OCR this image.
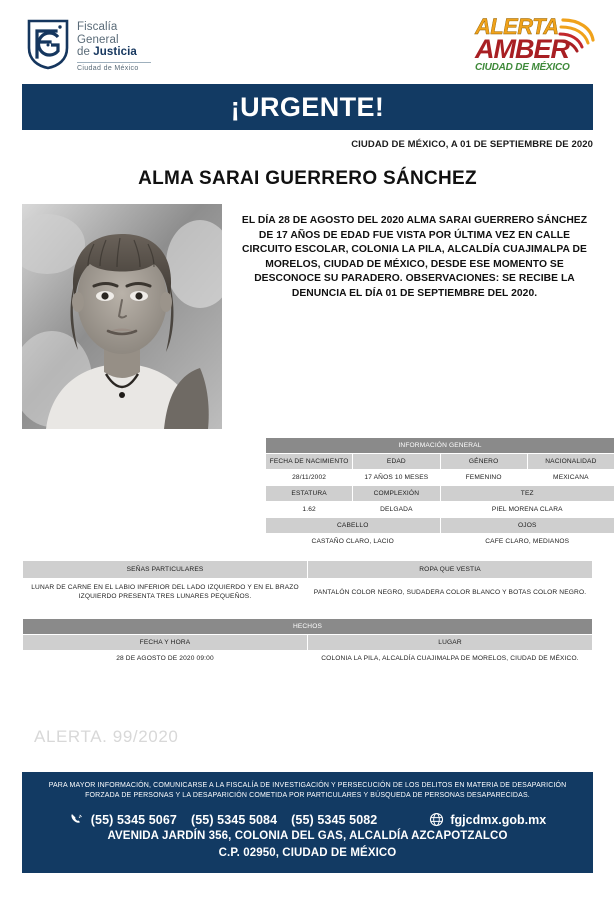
Fiscalía
General
de Justicia
Ciudad de México
ALERTA
AMBER
CIUDAD DE MÉXICO
¡URGENTE!
CIUDAD DE MÉXICO, A 01 DE SEPTIEMBRE DE 2020
ALMA SARAI GUERRERO SÁNCHEZ
EL DÍA 28 DE AGOSTO DEL 2020 ALMA SARAI GUERRERO SÁNCHEZ DE 17 AÑOS DE EDAD FUE VISTA POR ÚLTIMA VEZ EN CALLE CIRCUITO ESCOLAR, COLONIA LA PILA, ALCALDÍA CUAJIMALPA DE MORELOS, CIUDAD DE MÉXICO, DESDE ESE MOMENTO SE DESCONOCE SU PARADERO. OBSERVACIONES: SE RECIBE LA DENUNCIA EL DÍA 01 DE SEPTIEMBRE DEL 2020.
INFORMACIÓN GENERAL			
FECHA DE NACIMIENTO	EDAD	GÉNERO	NACIONALIDAD
28/11/2002	17 AÑOS 10 MESES	FEMENINO	MEXICANA
ESTATURA	COMPLEXIÓN	TEZ	
1.62	DELGADA	PIEL MORENA CLARA	
CABELLO		OJOS	
CASTAÑO CLARO, LACIO		CAFE CLARO, MEDIANOS	
SEÑAS PARTICULARES	ROPA QUE VESTIA
LUNAR DE CARNE EN EL LABIO INFERIOR DEL LADO IZQUIERDO Y EN EL BRAZO IZQUIERDO PRESENTA TRES LUNARES PEQUEÑOS.	PANTALÓN COLOR NEGRO, SUDADERA COLOR BLANCO Y BOTAS COLOR NEGRO.
HECHOS	
FECHA Y HORA	LUGAR
28 DE AGOSTO DE 2020 09:00	COLONIA LA PILA, ALCALDÍA CUAJIMALPA DE MORELOS, CIUDAD DE MÉXICO.
ALERTA. 99/2020
PARA MAYOR INFORMACIÓN, COMUNICARSE A LA FISCALÍA DE INVESTIGACIÓN Y PERSECUCIÓN DE LOS DELITOS EN MATERIA DE DESAPARICIÓN FORZADA DE PERSONAS Y LA DESAPARICIÓN COMETIDA POR PARTICULARES Y BÚSQUEDA DE PERSONAS DESAPARECIDAS.
(55) 5345 5067 (55) 5345 5084 (55) 5345 5082	fgjcdmx.gob.mx
AVENIDA JARDÍN 356, COLONIA DEL GAS, ALCALDÍA AZCAPOTZALCO
C.P. 02950, CIUDAD DE MÉXICO
